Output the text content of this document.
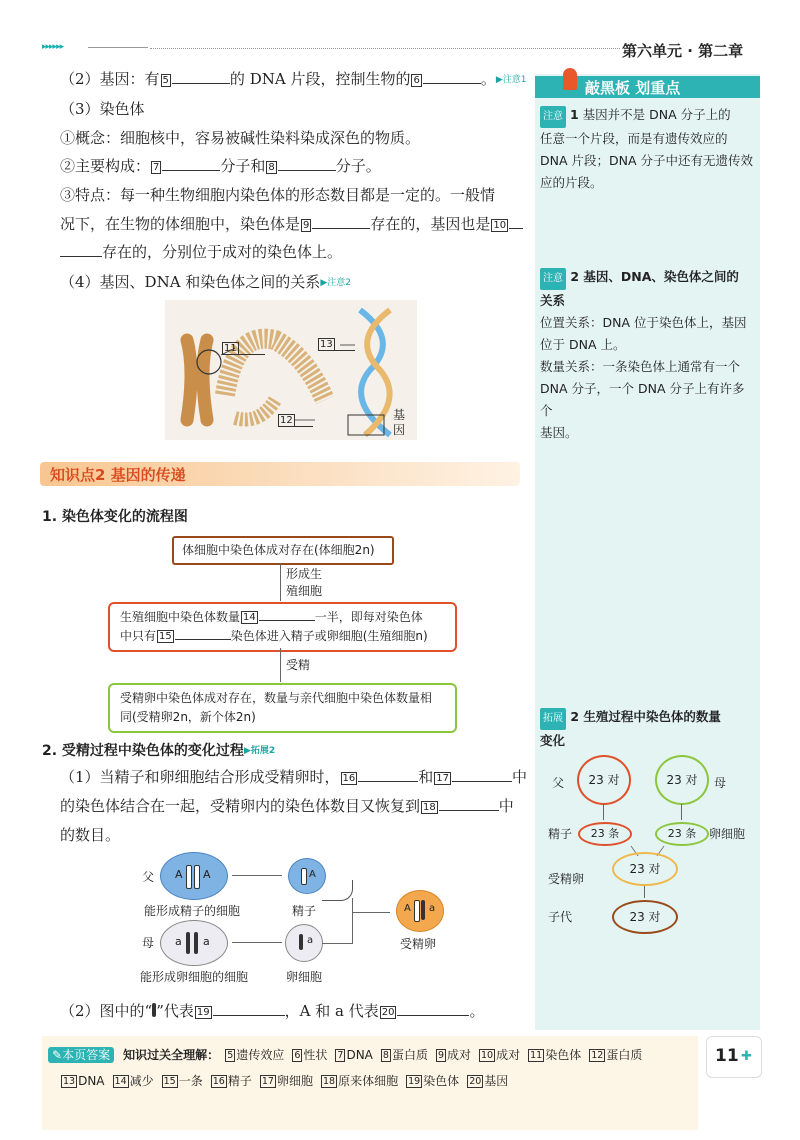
▸▸▸▸▸▸	第六单元 · 第二章
（2）基因：有 5	的 DNA 片段，控制生物的 6	。▶注意1
（3）染色体
①概念：细胞核中，容易被碱性染料染成深色的物质。
②主要构成： 7	分子和 8	分子。
③特点：每一种生物细胞内染色体的形态数目都是一定的。一般情
况下，在生物的体细胞中，染色体是 9	存在的，基因也是 10
存在的，分别位于成对的染色体上。
（4）基因、DNA 和染色体之间的关系▶注意2
11	13
12	基因
知识点2 基因的传递
1. 染色体变化的流程图
体细胞中染色体成对存在(体细胞2n)
形成生
殖细胞
生殖细胞中染色体数量 14	一半，即每对染色体
中只有 15	染色体进入精子或卵细胞(生殖细胞n)
受精
受精卵中染色体成对存在，数量与亲代细胞中染色体数量相
同(受精卵2n，新个体2n)
2. 受精过程中染色体的变化过程▶拓展2
（1）当精子和卵细胞结合形成受精卵时， 16	和 17	中
的染色体结合在一起，受精卵内的染色体数目又恢复到 18	中
的数目。
父 A A
能形成精子的细胞
A
精子	A a
受精卵
母 a a
能形成卵细胞的细胞
a
卵细胞
（2）图中的“ ”代表 19	，A 和 a 代表 20	。
敲黑板 划重点
注意 1 基因并不是 DNA 分子上的
任意一个片段，而是有遗传效应的
DNA 片段；DNA 分子中还有无遗传效
应的片段。
注意 2 基因、DNA、染色体之间的
关系
位置关系：DNA 位于染色体上，基因
位于 DNA 上。
数量关系：一条染色体上通常有一个
DNA 分子，一个 DNA 分子上有许多个
基因。
拓展 2 生殖过程中染色体的数量
变化
父	23 对	23 对	母
精子	23 条	23 条	卵细胞
受精卵
23 对
子代	23 对
✎本页答案 知识过关全理解： 5 遗传效应 6 性状 7 DNA 8 蛋白质 9 成对 10 成对 11 染色体 12 蛋白质
13 DNA 14 减少 15 一条 16 精子 17 卵细胞 18 原来体细胞 19 染色体 20 基因
11 ✚
